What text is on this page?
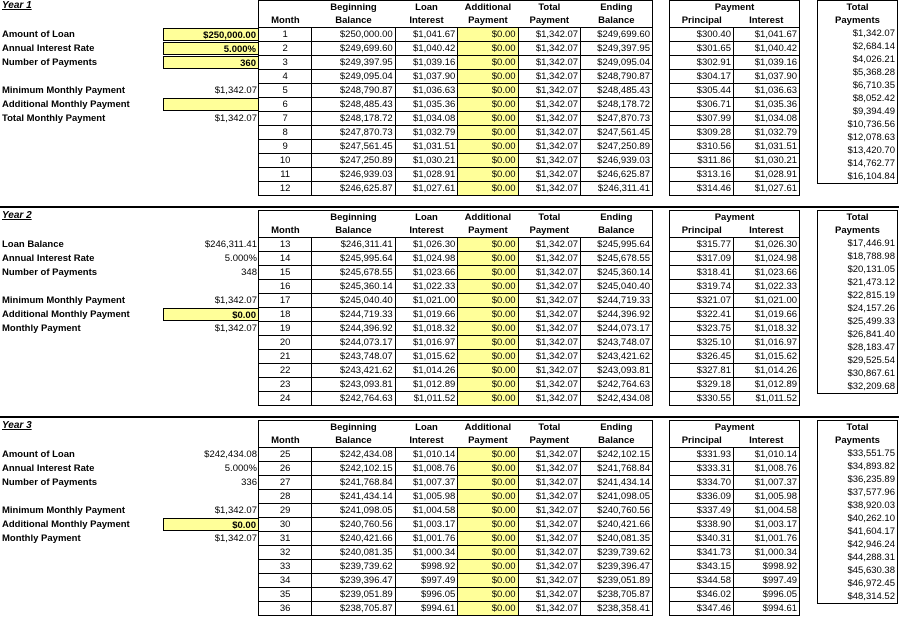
Year 1
Amount of Loan	$250,000.00
Annual Interest Rate	5.000%
Number of Payments	360
Minimum Monthly Payment	$1,342.07
Additional Monthly Payment
Total Monthly Payment	$1,342.07
	Beginning	Loan	Additional	Total	Ending
Month	Balance	Interest	Payment	Payment	Balance
1	$250,000.00	$1,041.67	$0.00	$1,342.07	$249,699.60
2	$249,699.60	$1,040.42	$0.00	$1,342.07	$249,397.95
3	$249,397.95	$1,039.16	$0.00	$1,342.07	$249,095.04
4	$249,095.04	$1,037.90	$0.00	$1,342.07	$248,790.87
5	$248,790.87	$1,036.63	$0.00	$1,342.07	$248,485.43
6	$248,485.43	$1,035.36	$0.00	$1,342.07	$248,178.72
7	$248,178.72	$1,034.08	$0.00	$1,342.07	$247,870.73
8	$247,870.73	$1,032.79	$0.00	$1,342.07	$247,561.45
9	$247,561.45	$1,031.51	$0.00	$1,342.07	$247,250.89
10	$247,250.89	$1,030.21	$0.00	$1,342.07	$246,939.03
11	$246,939.03	$1,028.91	$0.00	$1,342.07	$246,625.87
12	$246,625.87	$1,027.61	$0.00	$1,342.07	$246,311.41
Payment	
Principal	Interest
$300.40	$1,041.67
$301.65	$1,040.42
$302.91	$1,039.16
$304.17	$1,037.90
$305.44	$1,036.63
$306.71	$1,035.36
$307.99	$1,034.08
$309.28	$1,032.79
$310.56	$1,031.51
$311.86	$1,030.21
$313.16	$1,028.91
$314.46	$1,027.61
Total
Payments
$1,342.07
$2,684.14
$4,026.21
$5,368.28
$6,710.35
$8,052.42
$9,394.49
$10,736.56
$12,078.63
$13,420.70
$14,762.77
$16,104.84
Year 2
Loan Balance	$246,311.41
Annual Interest Rate	5.000%
Number of Payments	348
Minimum Monthly Payment	$1,342.07
Additional Monthly Payment	$0.00
Monthly Payment	$1,342.07
	Beginning	Loan	Additional	Total	Ending
Month	Balance	Interest	Payment	Payment	Balance
13	$246,311.41	$1,026.30	$0.00	$1,342.07	$245,995.64
14	$245,995.64	$1,024.98	$0.00	$1,342.07	$245,678.55
15	$245,678.55	$1,023.66	$0.00	$1,342.07	$245,360.14
16	$245,360.14	$1,022.33	$0.00	$1,342.07	$245,040.40
17	$245,040.40	$1,021.00	$0.00	$1,342.07	$244,719.33
18	$244,719.33	$1,019.66	$0.00	$1,342.07	$244,396.92
19	$244,396.92	$1,018.32	$0.00	$1,342.07	$244,073.17
20	$244,073.17	$1,016.97	$0.00	$1,342.07	$243,748.07
21	$243,748.07	$1,015.62	$0.00	$1,342.07	$243,421.62
22	$243,421.62	$1,014.26	$0.00	$1,342.07	$243,093.81
23	$243,093.81	$1,012.89	$0.00	$1,342.07	$242,764.63
24	$242,764.63	$1,011.52	$0.00	$1,342.07	$242,434.08
Payment	
Principal	Interest
$315.77	$1,026.30
$317.09	$1,024.98
$318.41	$1,023.66
$319.74	$1,022.33
$321.07	$1,021.00
$322.41	$1,019.66
$323.75	$1,018.32
$325.10	$1,016.97
$326.45	$1,015.62
$327.81	$1,014.26
$329.18	$1,012.89
$330.55	$1,011.52
Total
Payments
$17,446.91
$18,788.98
$20,131.05
$21,473.12
$22,815.19
$24,157.26
$25,499.33
$26,841.40
$28,183.47
$29,525.54
$30,867.61
$32,209.68
Year 3
Amount of Loan	$242,434.08
Annual Interest Rate	5.000%
Number of Payments	336
Minimum Monthly Payment	$1,342.07
Additional Monthly Payment	$0.00
Monthly Payment	$1,342.07
	Beginning	Loan	Additional	Total	Ending
Month	Balance	Interest	Payment	Payment	Balance
25	$242,434.08	$1,010.14	$0.00	$1,342.07	$242,102.15
26	$242,102.15	$1,008.76	$0.00	$1,342.07	$241,768.84
27	$241,768.84	$1,007.37	$0.00	$1,342.07	$241,434.14
28	$241,434.14	$1,005.98	$0.00	$1,342.07	$241,098.05
29	$241,098.05	$1,004.58	$0.00	$1,342.07	$240,760.56
30	$240,760.56	$1,003.17	$0.00	$1,342.07	$240,421.66
31	$240,421.66	$1,001.76	$0.00	$1,342.07	$240,081.35
32	$240,081.35	$1,000.34	$0.00	$1,342.07	$239,739.62
33	$239,739.62	$998.92	$0.00	$1,342.07	$239,396.47
34	$239,396.47	$997.49	$0.00	$1,342.07	$239,051.89
35	$239,051.89	$996.05	$0.00	$1,342.07	$238,705.87
36	$238,705.87	$994.61	$0.00	$1,342.07	$238,358.41
Payment	
Principal	Interest
$331.93	$1,010.14
$333.31	$1,008.76
$334.70	$1,007.37
$336.09	$1,005.98
$337.49	$1,004.58
$338.90	$1,003.17
$340.31	$1,001.76
$341.73	$1,000.34
$343.15	$998.92
$344.58	$997.49
$346.02	$996.05
$347.46	$994.61
Total
Payments
$33,551.75
$34,893.82
$36,235.89
$37,577.96
$38,920.03
$40,262.10
$41,604.17
$42,946.24
$44,288.31
$45,630.38
$46,972.45
$48,314.52
